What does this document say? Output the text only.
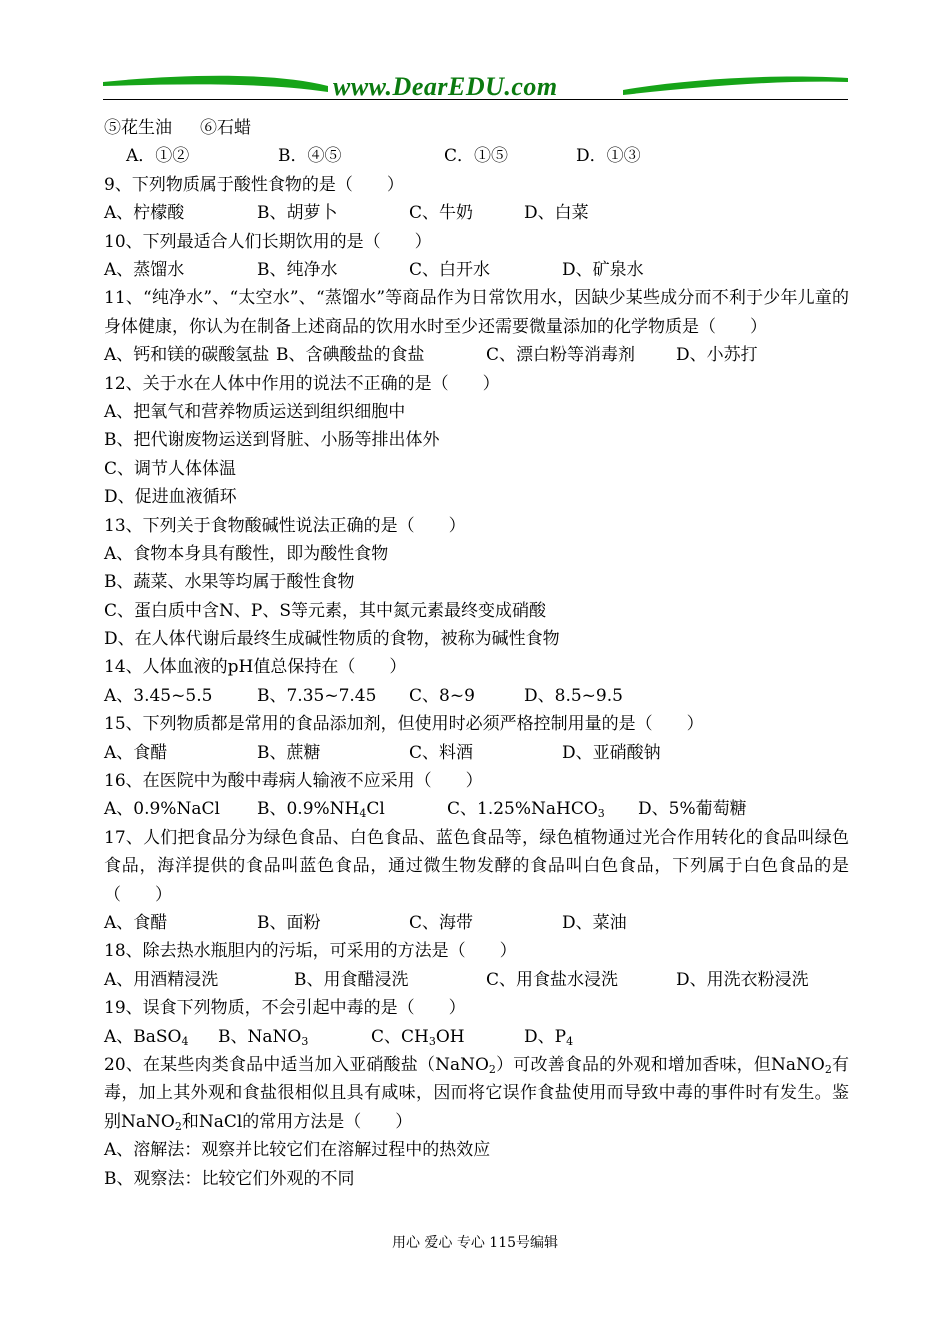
www.DearEDU.com
⑤花生油 ⑥石蜡
A．①②	B．④⑤	C．①⑤	D．①③
9、下列物质属于酸性食物的是（　　）
A、柠檬酸	B、胡萝卜	C、牛奶	D、白菜
10、下列最适合人们长期饮用的是（　　）
A、蒸馏水	B、纯净水	C、白开水	D、矿泉水
11、“纯净水”、“太空水”、“蒸馏水”等商品作为日常饮用水，因缺少某些成分而不利于少年儿童的身体健康，你认为在制备上述商品的饮用水时至少还需要微量添加的化学物质是（　　）
A、钙和镁的碳酸氢盐 B、含碘酸盐的食盐	C、漂白粉等消毒剂 D、小苏打
12、关于水在人体中作用的说法不正确的是（　　）
A、把氧气和营养物质运送到组织细胞中
B、把代谢废物运送到肾脏、小肠等排出体外
C、调节人体体温
D、促进血液循环
13、下列关于食物酸碱性说法正确的是（　　）
A、食物本身具有酸性，即为酸性食物
B、蔬菜、水果等均属于酸性食物
C、蛋白质中含N、P、S等元素，其中氮元素最终变成硝酸
D、在人体代谢后最终生成碱性物质的食物，被称为碱性食物
14、人体血液的pH值总保持在（　　）
A、3.45~5.5	B、7.35~7.45 C、8~9	D、8.5~9.5
15、下列物质都是常用的食品添加剂，但使用时必须严格控制用量的是（　　）
A、食醋	B、蔗糖	C、料酒	D、亚硝酸钠
16、在医院中为酸中毒病人输液不应采用（　　）
A、0.9%NaCl B、$0.9\%NH_4Cl$	C、1.25%NaHCO$_3$ D、5%葡萄糖
17、人们把食品分为绿色食品、白色食品、蓝色食品等，绿色植物通过光合作用转化的食品叫绿色食品，海洋提供的食品叫蓝色食品，通过微生物发酵的食品叫白色食品，下列属于白色食品的是（　　）
A、食醋	B、面粉	C、海带	D、菜油
18、除去热水瓶胆内的污垢，可采用的方法是（　　）
A、用酒精浸洗	B、用食醋浸洗	C、用食盐水浸洗	D、用洗衣粉浸洗
19、误食下列物质，不会引起中毒的是（　　）
A、BaSO$_4$ B、NaNO$_3$	C、$CH_3OH$	D、$P_4$
20、在某些肉类食品中适当加入亚硝酸盐（NaNO$_2$）可改善食品的外观和增加香味，但NaNO$_2$有毒，加上其外观和食盐很相似且具有咸味，因而将它误作食盐使用而导致中毒的事件时有发生。鉴别NaNO$_2$和NaCl的常用方法是（　　）
A、溶解法：观察并比较它们在溶解过程中的热效应
B、观察法：比较它们外观的不同
用心 爱心 专心 115号编辑
